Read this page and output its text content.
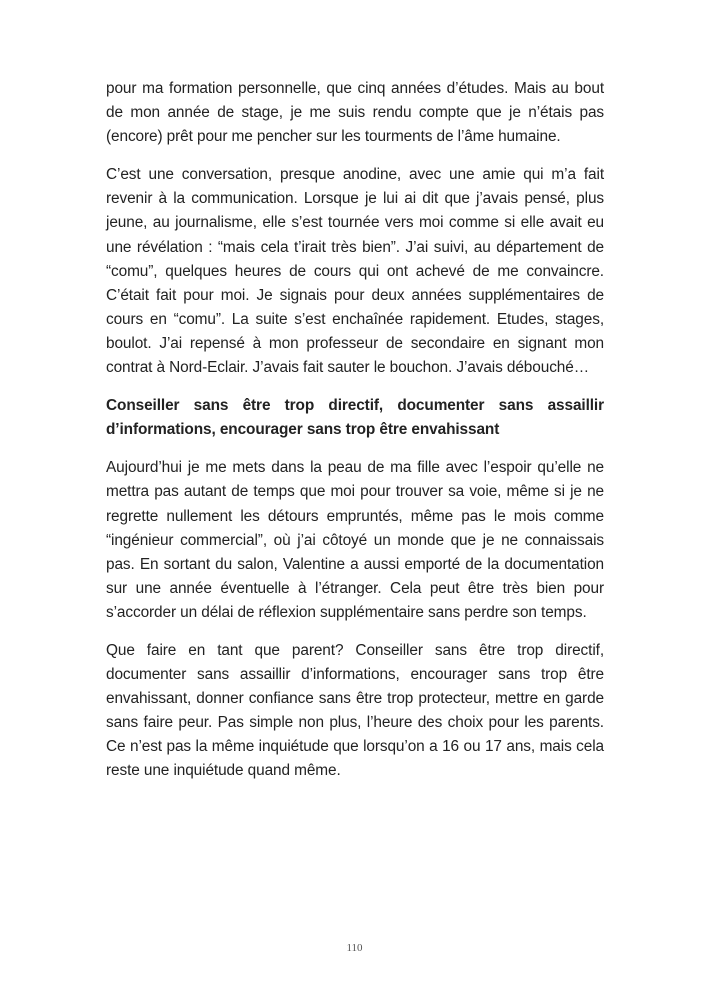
pour ma formation personnelle, que cinq années d’études. Mais au bout de mon année de stage, je me suis rendu compte que je n’étais pas (encore) prêt pour me pencher sur les tourments de l’âme humaine.

C’est une conversation, presque anodine, avec une amie qui m’a fait revenir à la communication. Lorsque je lui ai dit que j’avais pensé, plus jeune, au journalisme, elle s’est tournée vers moi comme si elle avait eu une révélation : “mais cela t’irait très bien”. J’ai suivi, au département de “comu”, quelques heures de cours qui ont achevé de me convaincre. C’était fait pour moi. Je signais pour deux années supplémentaires de cours en “comu”. La suite s’est enchaînée rapidement. Etudes, stages, boulot. J’ai repensé à mon professeur de secondaire en signant mon contrat à Nord-Eclair. J’avais fait sauter le bouchon. J’avais débouché…

Conseiller sans être trop directif, documenter sans assaillir d’informations, encourager sans trop être envahissant

Aujourd’hui je me mets dans la peau de ma fille avec l’espoir qu’elle ne mettra pas autant de temps que moi pour trouver sa voie, même si je ne regrette nullement les détours empruntés, même pas le mois comme “ingénieur commercial”, où j’ai côtoyé un monde que je ne connaissais pas. En sortant du salon, Valentine a aussi emporté de la documentation sur une année éventuelle à l’étranger. Cela peut être très bien pour s’accorder un délai de réflexion supplémentaire sans perdre son temps.

Que faire en tant que parent? Conseiller sans être trop directif, documenter sans assaillir d’informations, encourager sans trop être envahissant, donner confiance sans être trop protecteur, mettre en garde sans faire peur. Pas simple non plus, l’heure des choix pour les parents. Ce n’est pas la même inquiétude que lorsqu’on a 16 ou 17 ans, mais cela reste une inquiétude quand même.

110
